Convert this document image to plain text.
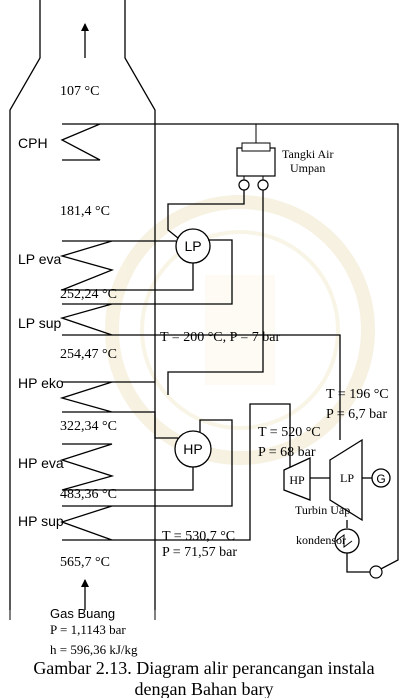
107 °C
CPH
LP eva
LP sup
HP eko
HP eva
HP sup
181,4 °C
252,24 °C
254,47 °C
322,34 °C
483,36 °C
565,7 °C
Tangki Air
Umpan
LP
T = 200 °C, P = 7 bar
HP
T = 530,7 °C
P = 71,57 bar
T = 196 °C
P = 6,7 bar
T = 520 °C
P = 68 bar
HP	LP G
Turbin Uap
kondensor
Gas Buang
P = 1,1143 bar
h = 596,36 kJ/kg
Gambar 2.13. Diagram alir perancangan instala
dengan Bahan bary
